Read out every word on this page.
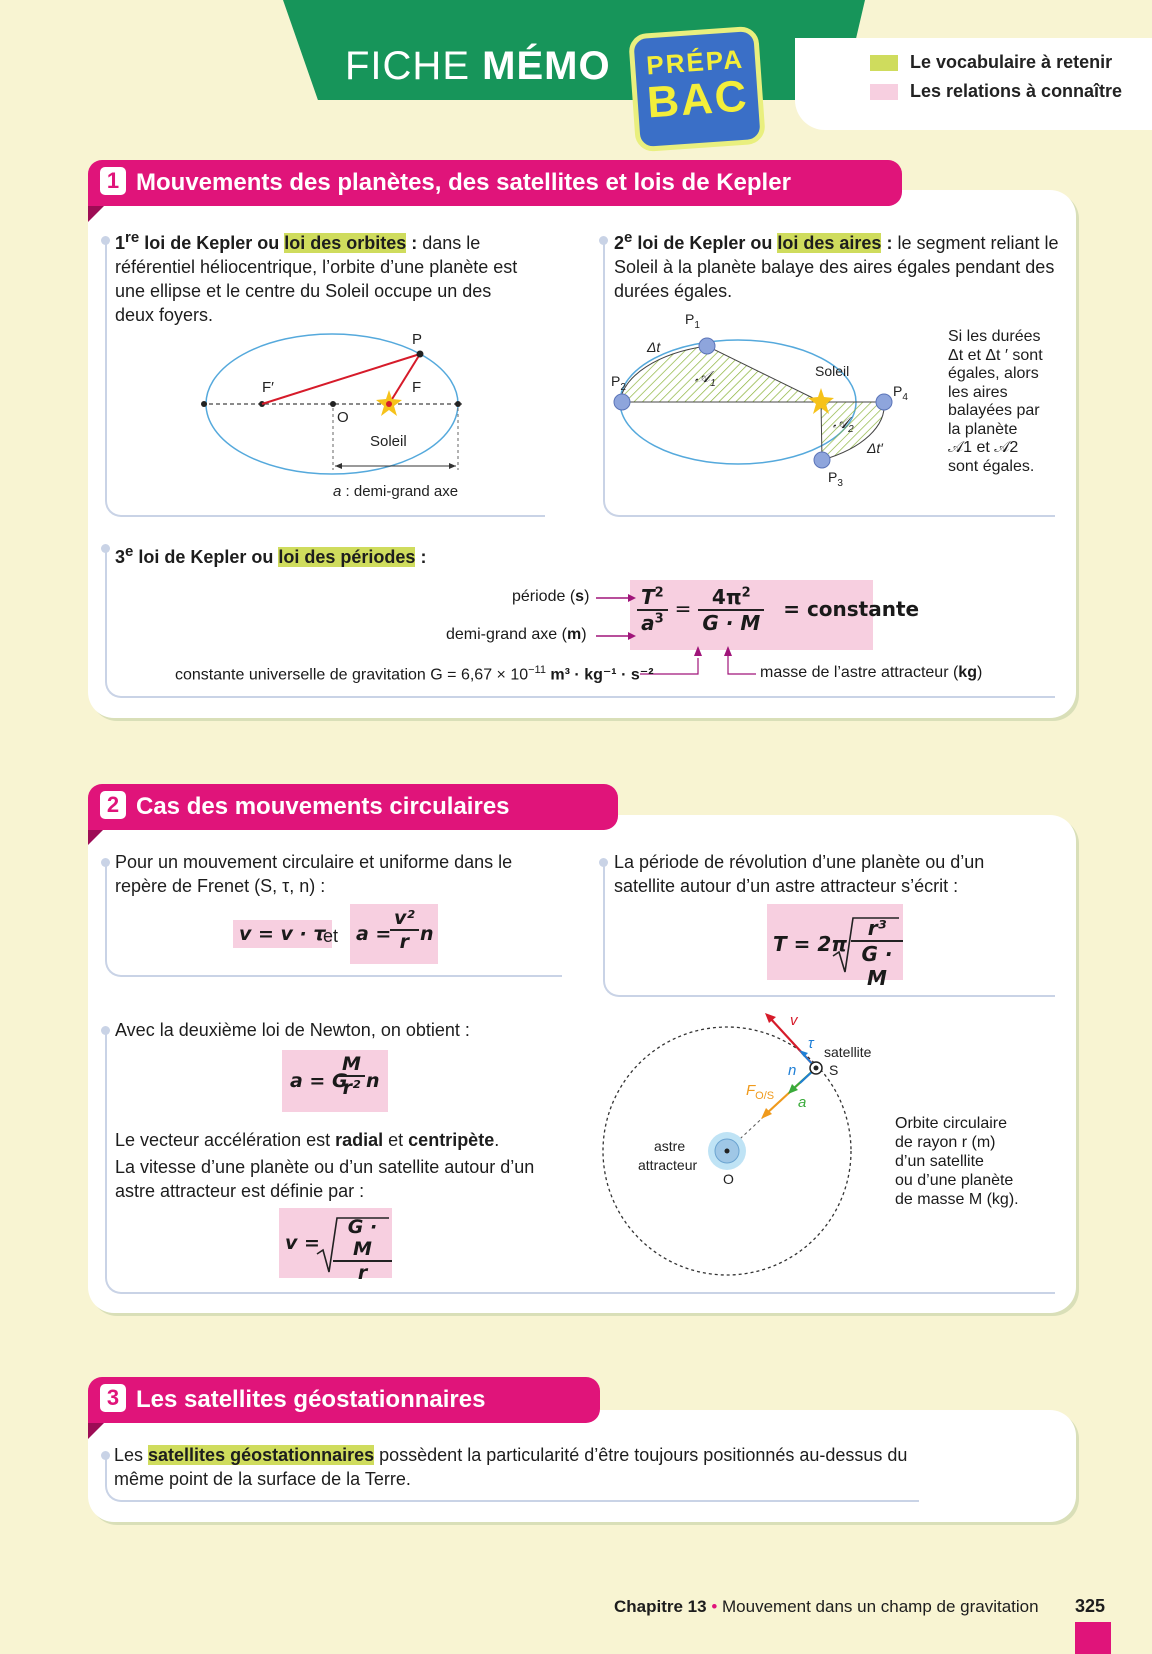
FICHE MÉMO	PRÉPA
BAC
Le vocabulaire à retenir
Les relations à connaître
1 Mouvements des planètes, des satellites et lois de Kepler
1re loi de Kepler ou loi des orbites : dans le référentiel héliocentrique, l’orbite d’une planète est une ellipse et le centre du Soleil occupe un des deux foyers.
P
F′	F
O
Soleil
a : demi-grand axe
2e loi de Kepler ou loi des aires : le segment reliant le Soleil à la planète balaye des aires égales pendant des durées égales.
$P_1$
$P_2$	$P_4$
$P_3$
Δt
Δt′
Soleil
𝒜$_1$
𝒜$_2$
Si les durées
Δt et Δt ′ sont
égales, alors
les aires
balayées par
la planète
𝒜1 et 𝒜2
sont égales.
3e loi de Kepler ou loi des périodes :
$\frac{T^2}{a^3} = \frac{4\pi^2}{G \cdot M}$ = constante
période (s)
demi-grand axe (m)
constante universelle de gravitation $G = 6,67 \times 10^{-11}$ m³ · kg⁻¹ · s⁻²	masse de l’astre attracteur (kg)
2 Cas des mouvements circulaires
Pour un mouvement circulaire et uniforme dans le repère de Frenet (S, τ, n) :
v = v · τ
et a =
$\frac{\text{v²}}{r}$ n
La période de révolution d’une planète ou d’un satellite autour d’un astre attracteur s’écrit :
$T = 2\pi \frac{\text{r³}}{G \cdot M}$
Avec la deuxième loi de Newton, on obtient :
a = G
$\frac{M}{\text{r²}}$ n
Le vecteur accélération est radial et centripète.
La vitesse d’une planète ou d’un satellite autour d’un astre attracteur est définie par :
$v = \frac{G \cdot M}{r}$
v
τ
n
a
$F_{O/S}$
satellite
S
astre
attracteur
O
Orbite circulaire
de rayon r (m)
d’un satellite
ou d’une planète
de masse M (kg).
3 Les satellites géostationnaires
Les satellites géostationnaires possèdent la particularité d’être toujours positionnés au-dessus du même point de la surface de la Terre.
Chapitre 13 • Mouvement dans un champ de gravitation 325
